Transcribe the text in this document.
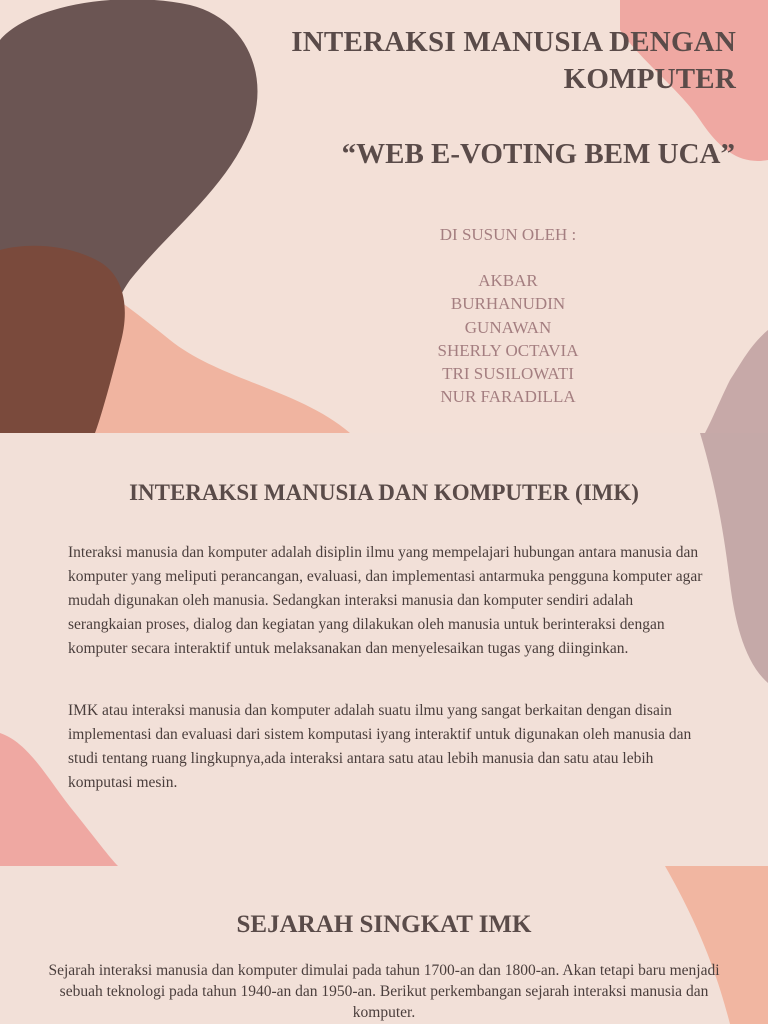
INTERAKSI MANUSIA DENGAN KOMPUTER
“WEB E-VOTING BEM UCA”
DI SUSUN OLEH :
AKBAR
BURHANUDIN
GUNAWAN
SHERLY OCTAVIA
TRI SUSILOWATI
NUR FARADILLA
INTERAKSI MANUSIA DAN KOMPUTER (IMK)
Interaksi manusia dan komputer adalah disiplin ilmu yang mempelajari hubungan antara manusia dan komputer yang meliputi perancangan, evaluasi, dan implementasi antarmuka pengguna komputer agar mudah digunakan oleh manusia. Sedangkan interaksi manusia dan komputer sendiri adalah serangkaian proses, dialog dan kegiatan yang dilakukan oleh manusia untuk berinteraksi dengan komputer secara interaktif untuk melaksanakan dan menyelesaikan tugas yang diinginkan.
IMK atau interaksi manusia dan komputer adalah suatu ilmu yang sangat berkaitan dengan disain implementasi dan evaluasi dari sistem komputasi iyang interaktif untuk digunakan oleh manusia dan studi tentang ruang lingkupnya,ada interaksi antara satu atau lebih manusia dan satu atau lebih komputasi mesin.
SEJARAH SINGKAT IMK
Sejarah interaksi manusia dan komputer dimulai pada tahun 1700-an dan 1800-an. Akan tetapi baru menjadi sebuah teknologi pada tahun 1940-an dan 1950-an. Berikut perkembangan sejarah interaksi manusia dan komputer.
